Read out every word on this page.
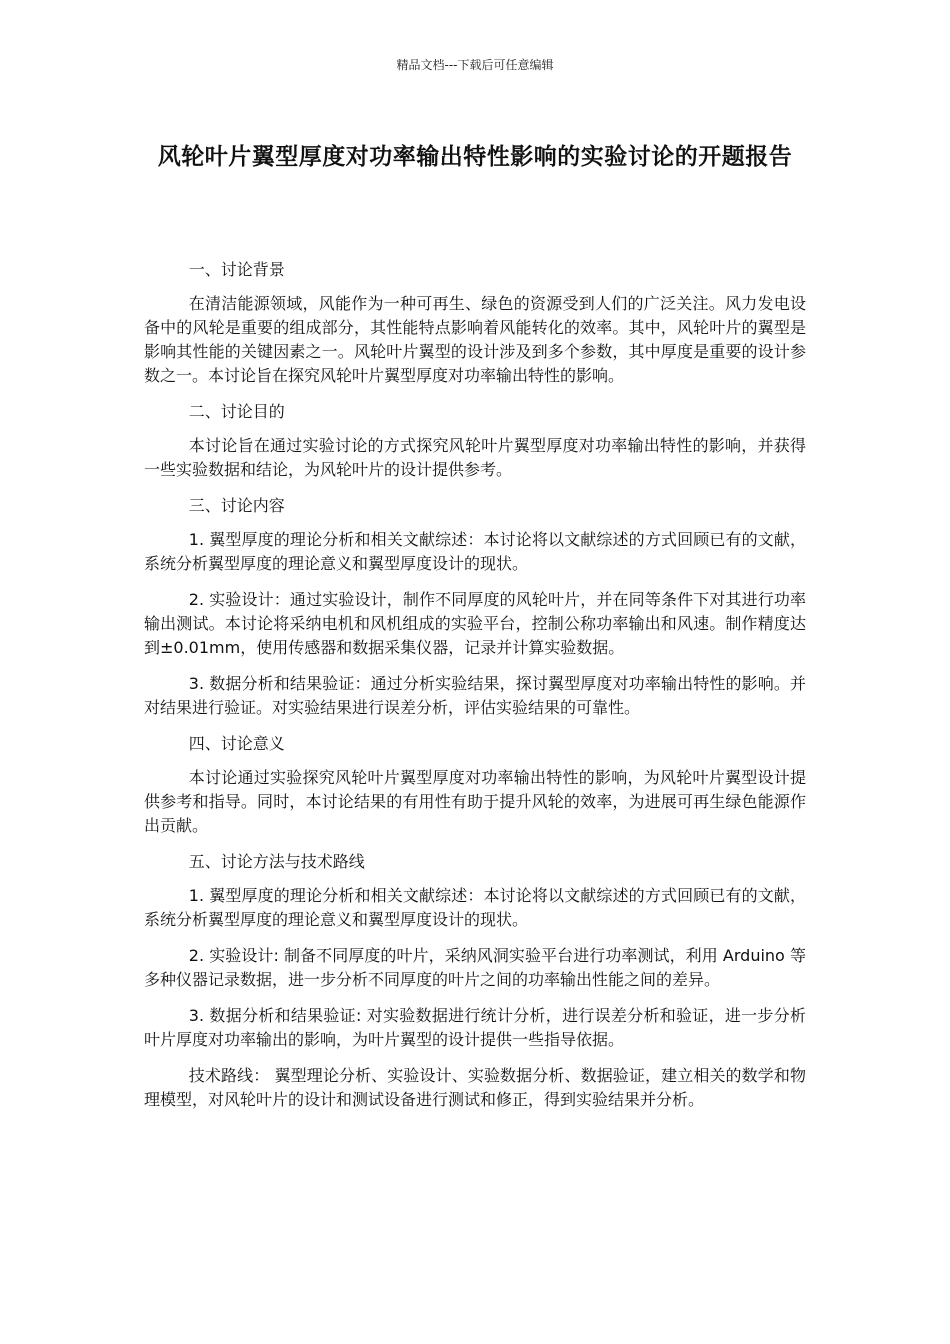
精品文档---下载后可任意编辑
风轮叶片翼型厚度对功率输出特性影响的实验讨论的开题报告

一、讨论背景

在清洁能源领域，风能作为一种可再生、绿色的资源受到人们的广泛关注。风力发电设备中的风轮是重要的组成部分，其性能特点影响着风能转化的效率。其中，风轮叶片的翼型是影响其性能的关键因素之一。风轮叶片翼型的设计涉及到多个参数，其中厚度是重要的设计参数之一。本讨论旨在探究风轮叶片翼型厚度对功率输出特性的影响。

二、讨论目的

本讨论旨在通过实验讨论的方式探究风轮叶片翼型厚度对功率输出特性的影响，并获得一些实验数据和结论，为风轮叶片的设计提供参考。

三、讨论内容

1. 翼型厚度的理论分析和相关文献综述：本讨论将以文献综述的方式回顾已有的文献，系统分析翼型厚度的理论意义和翼型厚度设计的现状。

2. 实验设计：通过实验设计，制作不同厚度的风轮叶片，并在同等条件下对其进行功率输出测试。本讨论将采纳电机和风机组成的实验平台，控制公称功率输出和风速。制作精度达到±0.01mm，使用传感器和数据采集仪器，记录并计算实验数据。

3. 数据分析和结果验证：通过分析实验结果，探讨翼型厚度对功率输出特性的影响。并对结果进行验证。对实验结果进行误差分析，评估实验结果的可靠性。

四、讨论意义

本讨论通过实验探究风轮叶片翼型厚度对功率输出特性的影响，为风轮叶片翼型设计提供参考和指导。同时，本讨论结果的有用性有助于提升风轮的效率，为进展可再生绿色能源作出贡献。

五、讨论方法与技术路线

1. 翼型厚度的理论分析和相关文献综述：本讨论将以文献综述的方式回顾已有的文献，系统分析翼型厚度的理论意义和翼型厚度设计的现状。

2. 实验设计: 制备不同厚度的叶片，采纳风洞实验平台进行功率测试，利用 Arduino 等多种仪器记录数据，进一步分析不同厚度的叶片之间的功率输出性能之间的差异。

3. 数据分析和结果验证: 对实验数据进行统计分析，进行误差分析和验证，进一步分析叶片厚度对功率输出的影响，为叶片翼型的设计提供一些指导依据。

技术路线： 翼型理论分析、实验设计、实验数据分析、数据验证，建立相关的数学和物理模型，对风轮叶片的设计和测试设备进行测试和修正，得到实验结果并分析。
